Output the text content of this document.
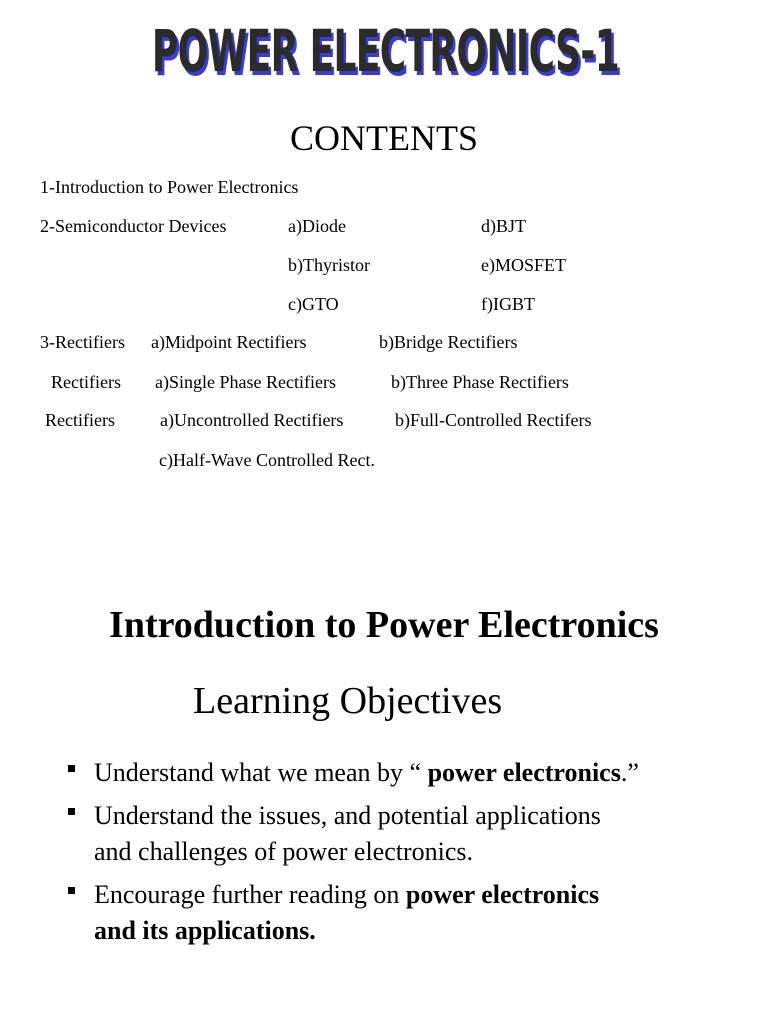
POWER ELECTRONICS-1
CONTENTS
1-Introduction to Power Electronics
2-Semiconductor Devices	a)Diode	d)BJT
b)Thyristor	e)MOSFET
c)GTO	f)IGBT
3-Rectifiers a)Midpoint Rectifiers	b)Bridge Rectifiers
Rectifiers a)Single Phase Rectifiers	b)Three Phase Rectifiers
Rectifiers	a)Uncontrolled Rectifiers	b)Full-Controlled Rectifers
c)Half-Wave Controlled Rect.
Introduction to Power Electronics
Learning Objectives
Understand what we mean by “ power electronics.”
Understand the issues, and potential applications
and challenges of power electronics.
Encourage further reading on power electronics
and its applications.
